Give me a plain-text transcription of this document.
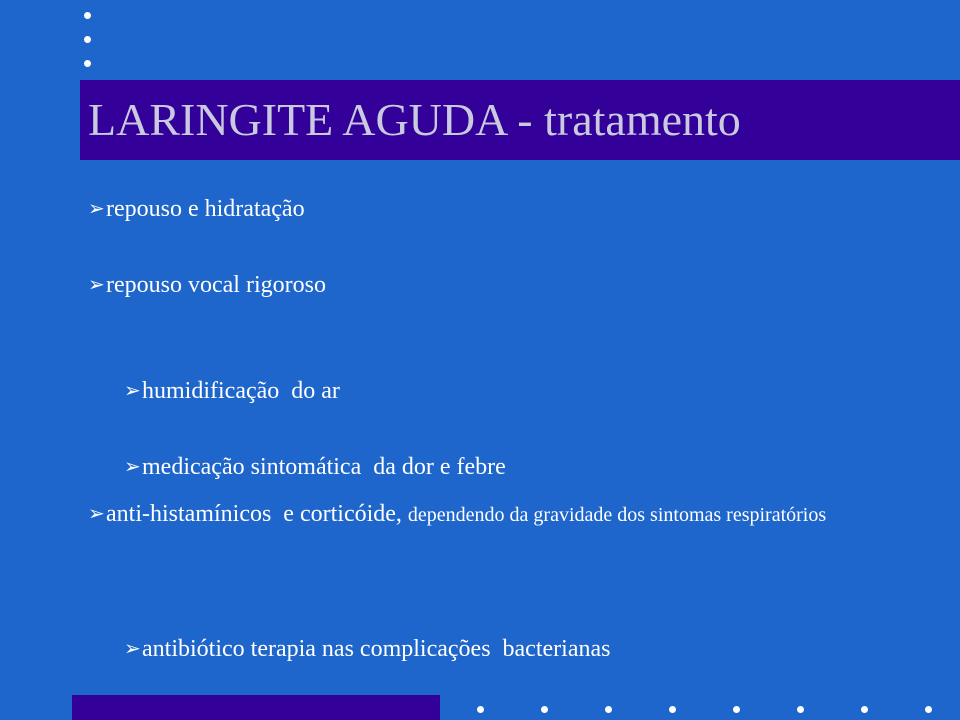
LARINGITE AGUDA - tratamento
➢repouso e hidratação
➢repouso vocal rigoroso

➢humidificação  do ar

➢medicação sintomática  da dor e febre

➢anti-histamínicos  e corticóide, dependendo da gravidade dos sintomas respiratórios

➢antibiótico terapia nas complicações  bacterianas
